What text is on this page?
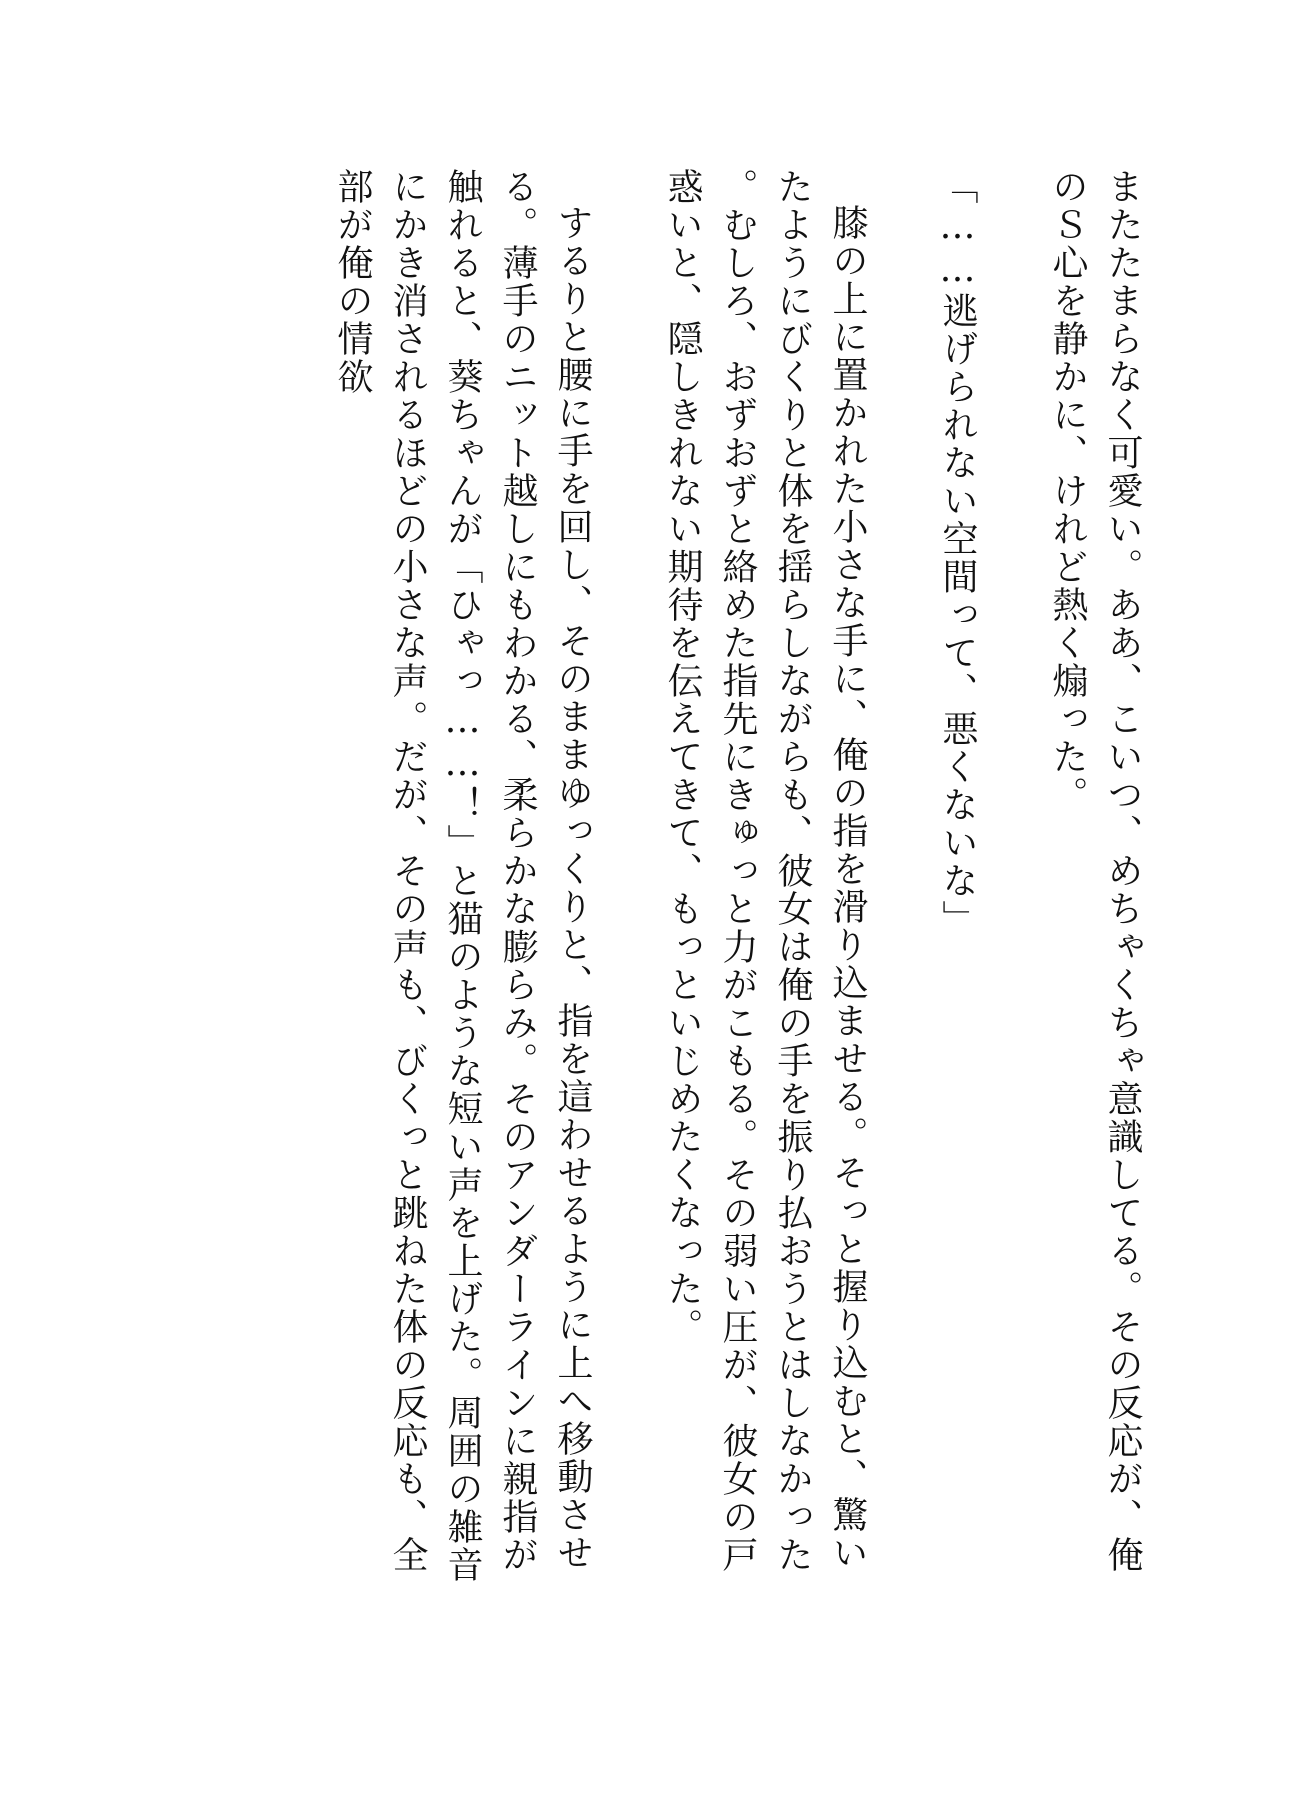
またたまらなく可愛い。ああ、こいつ、めちゃくちゃ意識してる。その反応が、俺のＳ心を静かに、けれど熱く煽った。

「……逃げられない空間って、悪くないな」

膝の上に置かれた小さな手に、俺の指を滑り込ませる。そっと握り込むと、驚いたようにびくりと体を揺らしながらも、彼女は俺の手を振り払おうとはしなかった。むしろ、おずおずと絡めた指先にきゅっと力がこもる。その弱い圧が、彼女の戸惑いと、隠しきれない期待を伝えてきて、もっといじめたくなった。

するりと腰に手を回し、そのままゆっくりと、指を這わせるように上へ移動させる。薄手のニット越しにもわかる、柔らかな膨らみ。そのアンダーラインに親指が触れると、葵ちゃんが「ひゃっ……！」と猫のような短い声を上げた。周囲の雑音にかき消されるほどの小さな声。だが、その声も、びくっと跳ねた体の反応も、全部が俺の情欲
